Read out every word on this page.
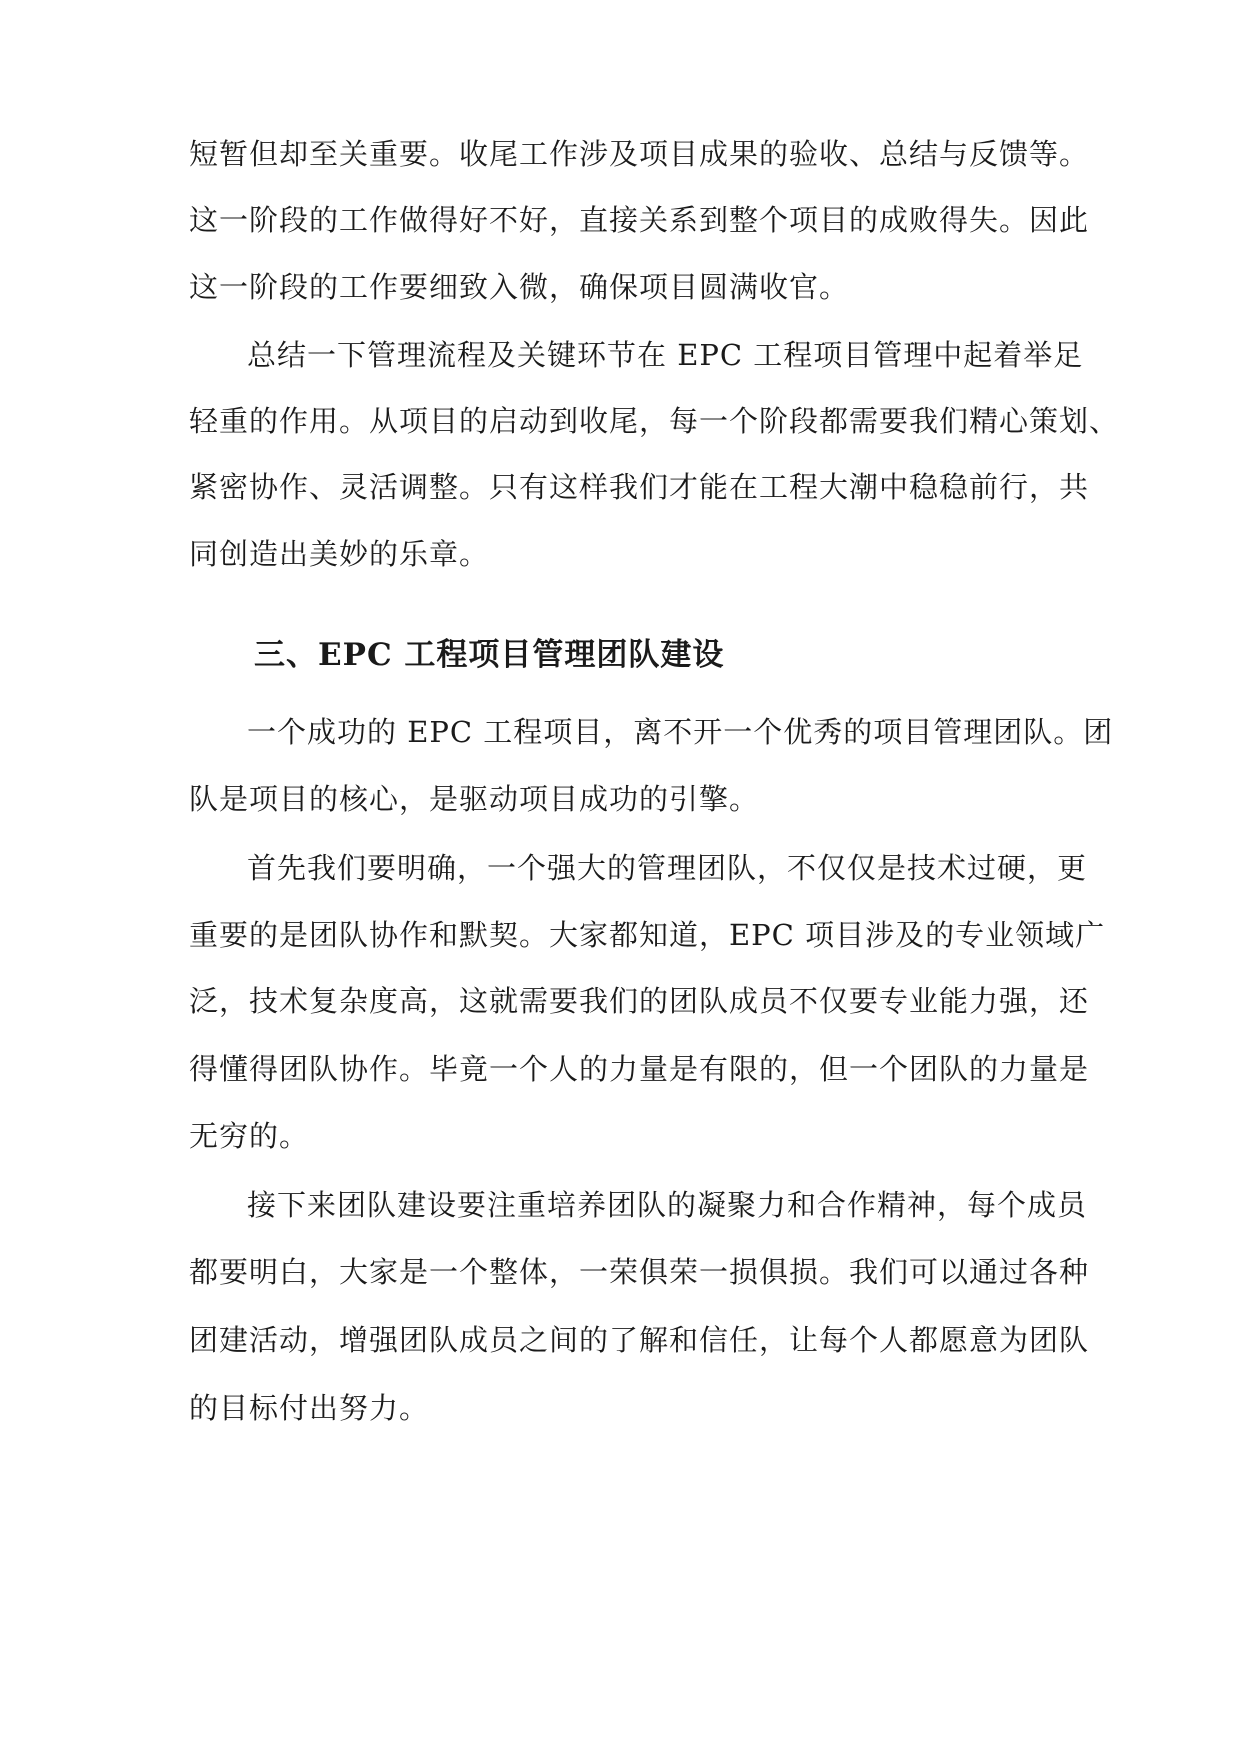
短暂但却至关重要。收尾工作涉及项目成果的验收、总结与反馈等。
这一阶段的工作做得好不好，直接关系到整个项目的成败得失。因此
这一阶段的工作要细致入微，确保项目圆满收官。
总结一下管理流程及关键环节在 EPC 工程项目管理中起着举足
轻重的作用。从项目的启动到收尾，每一个阶段都需要我们精心策划、
紧密协作、灵活调整。只有这样我们才能在工程大潮中稳稳前行，共
同创造出美妙的乐章。
三、EPC 工程项目管理团队建设
一个成功的 EPC 工程项目，离不开一个优秀的项目管理团队。团
队是项目的核心，是驱动项目成功的引擎。
首先我们要明确，一个强大的管理团队，不仅仅是技术过硬，更
重要的是团队协作和默契。大家都知道，EPC 项目涉及的专业领域广
泛，技术复杂度高，这就需要我们的团队成员不仅要专业能力强，还
得懂得团队协作。毕竟一个人的力量是有限的，但一个团队的力量是
无穷的。
接下来团队建设要注重培养团队的凝聚力和合作精神，每个成员
都要明白，大家是一个整体，一荣俱荣一损俱损。我们可以通过各种
团建活动，增强团队成员之间的了解和信任，让每个人都愿意为团队
的目标付出努力。
